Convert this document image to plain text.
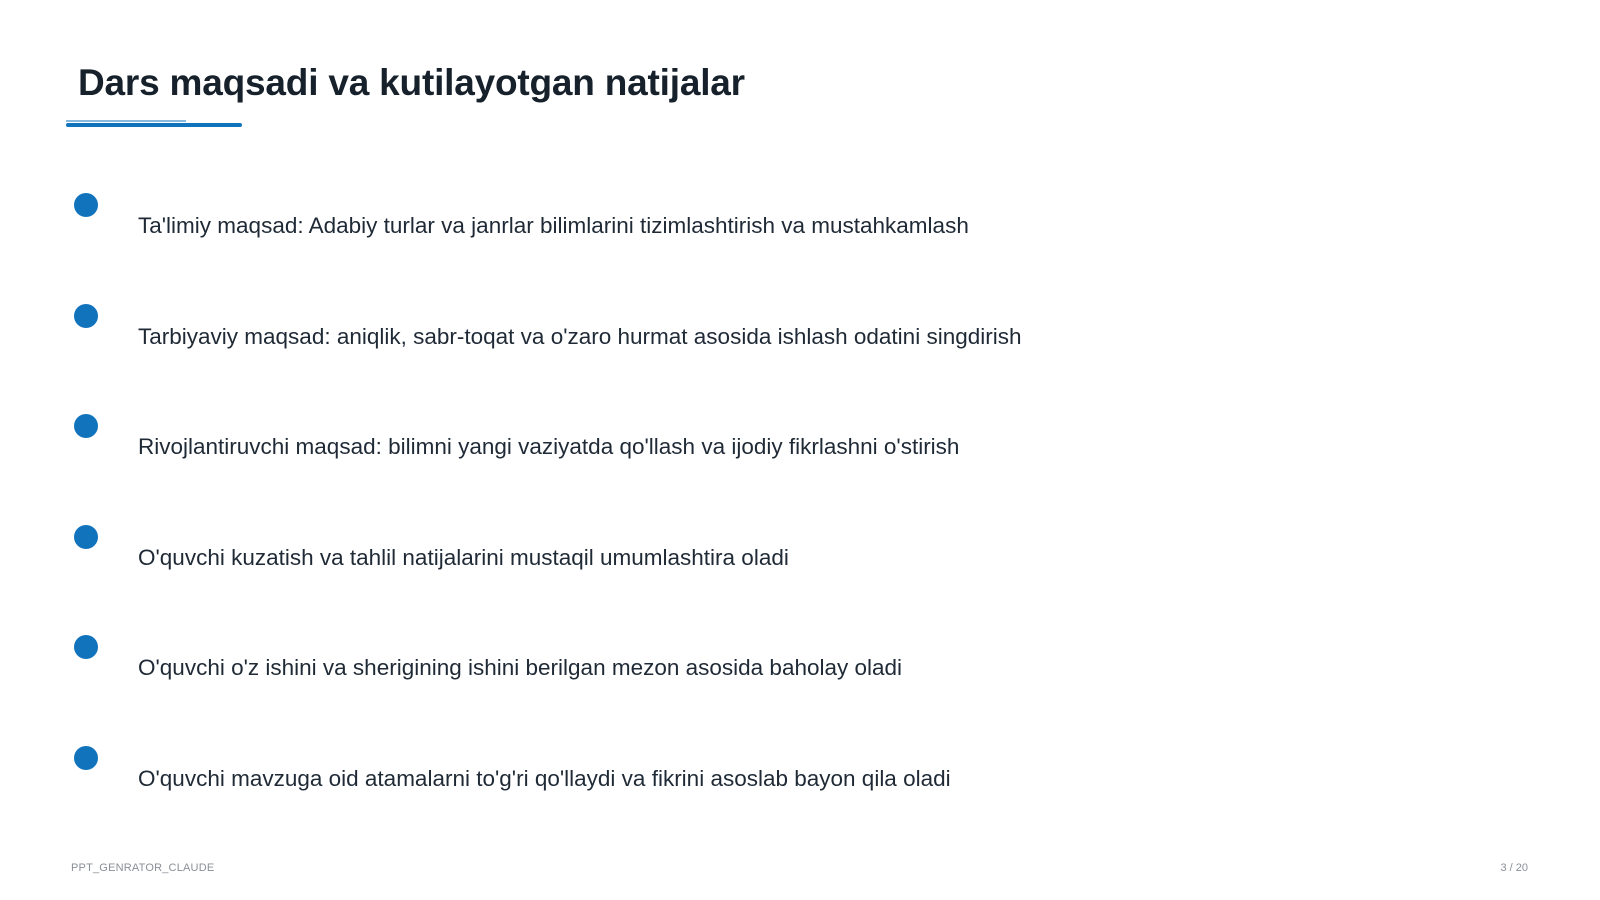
Dars maqsadi va kutilayotgan natijalar
Ta'limiy maqsad: Adabiy turlar va janrlar bilimlarini tizimlashtirish va mustahkamlash
Tarbiyaviy maqsad: aniqlik, sabr-toqat va o'zaro hurmat asosida ishlash odatini singdirish
Rivojlantiruvchi maqsad: bilimni yangi vaziyatda qo'llash va ijodiy fikrlashni o'stirish
O'quvchi kuzatish va tahlil natijalarini mustaqil umumlashtira oladi
O'quvchi o'z ishini va sherigining ishini berilgan mezon asosida baholay oladi
O'quvchi mavzuga oid atamalarni to'g'ri qo'llaydi va fikrini asoslab bayon qila oladi
PPT_GENRATOR_CLAUDE	3 / 20
